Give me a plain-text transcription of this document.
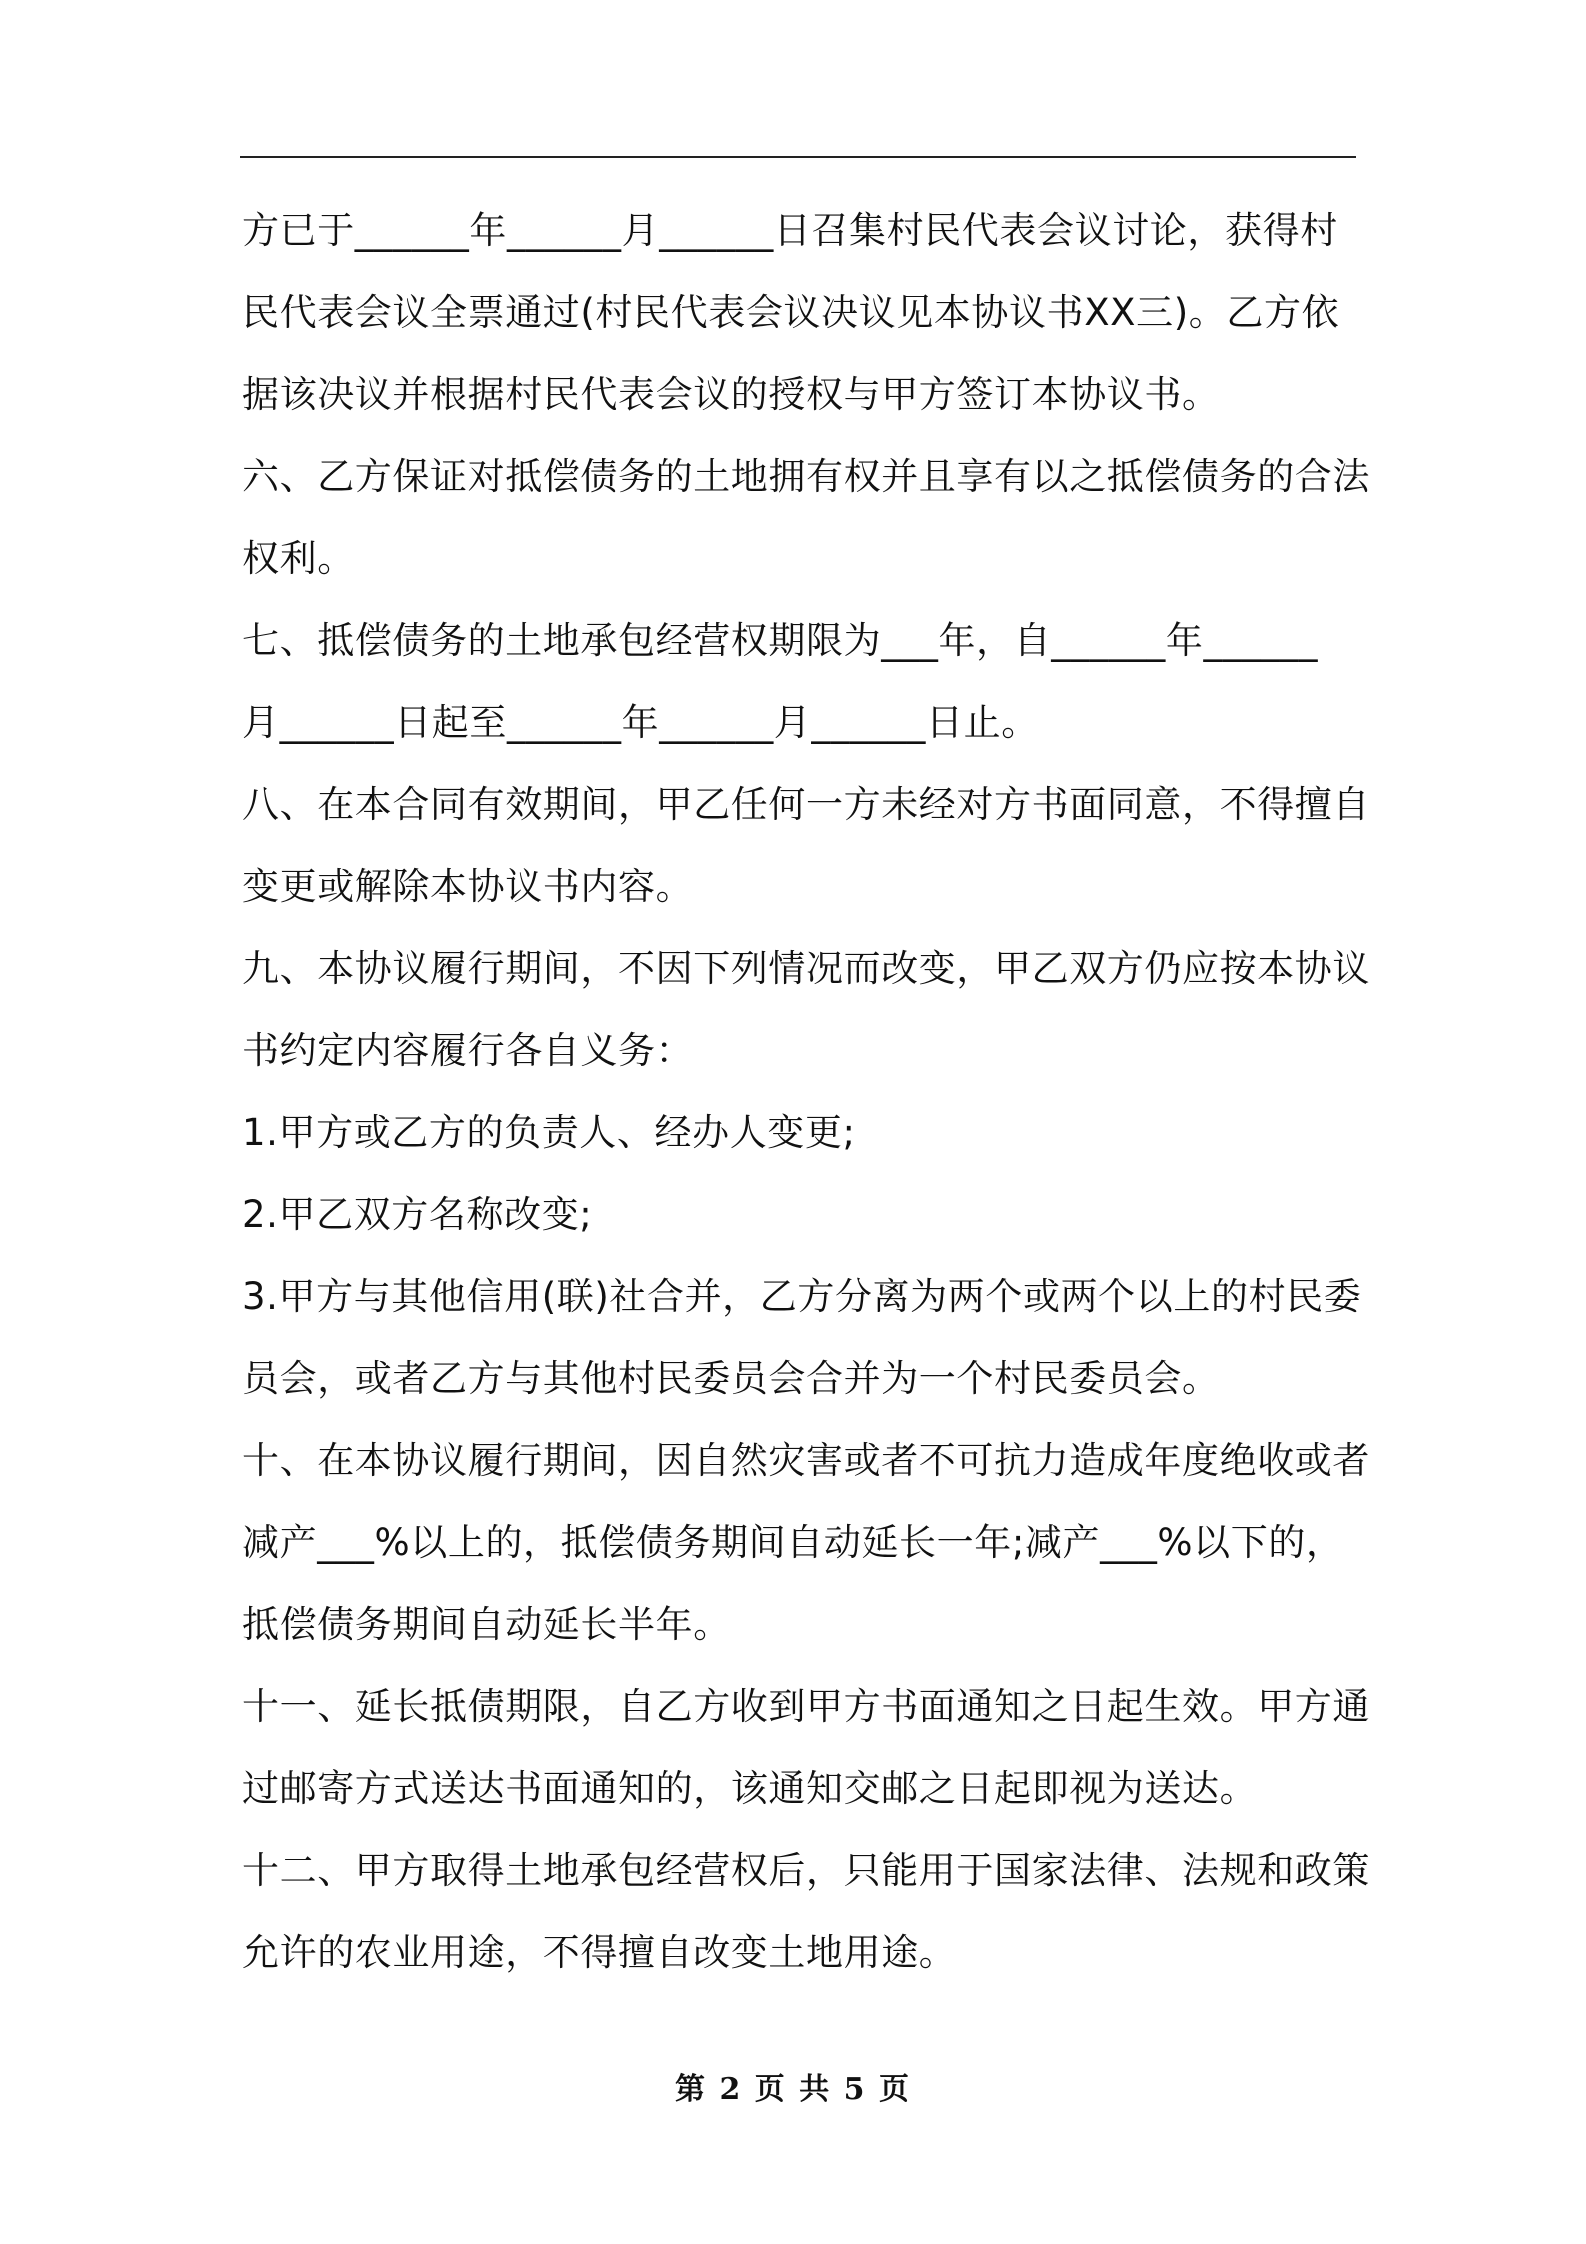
方已于______年______月______日召集村民代表会议讨论，获得村
民代表会议全票通过(村民代表会议决议见本协议书XX三)。乙方依
据该决议并根据村民代表会议的授权与甲方签订本协议书。
六、乙方保证对抵偿债务的土地拥有权并且享有以之抵偿债务的合法
权利。
七、抵偿债务的土地承包经营权期限为___年，自______年______
月______日起至______年______月______日止。
八、在本合同有效期间，甲乙任何一方未经对方书面同意，不得擅自
变更或解除本协议书内容。
九、本协议履行期间，不因下列情况而改变，甲乙双方仍应按本协议
书约定内容履行各自义务：
1.甲方或乙方的负责人、经办人变更;
2.甲乙双方名称改变;
3.甲方与其他信用(联)社合并，乙方分离为两个或两个以上的村民委
员会，或者乙方与其他村民委员会合并为一个村民委员会。
十、在本协议履行期间，因自然灾害或者不可抗力造成年度绝收或者
减产___%以上的，抵偿债务期间自动延长一年;减产___%以下的，
抵偿债务期间自动延长半年。
十一、延长抵债期限，自乙方收到甲方书面通知之日起生效。甲方通
过邮寄方式送达书面通知的，该通知交邮之日起即视为送达。
十二、甲方取得土地承包经营权后，只能用于国家法律、法规和政策
允许的农业用途，不得擅自改变土地用途。
第 2 页 共 5 页
